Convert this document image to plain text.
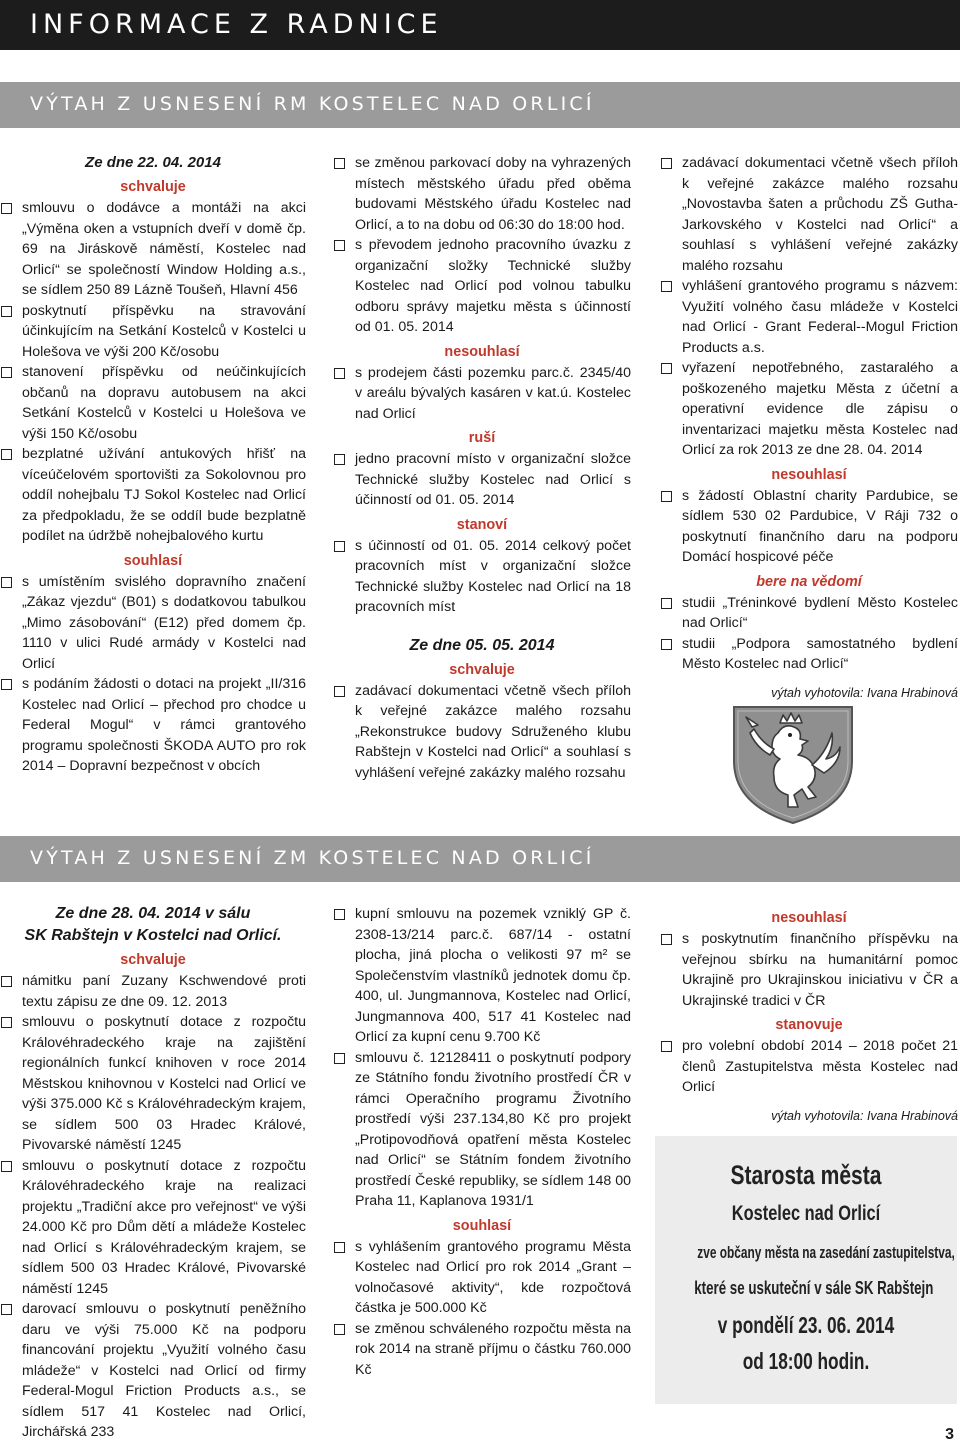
INFORMACE Z RADNICE
VÝTAH Z USNESENÍ RM KOSTELEC NAD ORLICÍ
Ze dne 22. 04. 2014
schvaluje
smlouvu o dodávce a montáži na akci „Výměna oken a vstupních dveří v domě čp. 69 na Jiráskově náměstí, Kostelec nad Orlicí“ se společností Window Holding a.s., se sídlem 250 89 Lázně Toušeň, Hlavní 456
poskytnutí příspěvku na stravování účinkujícím na Setkání Kostelců v Kostelci u Holešova ve výši 200 Kč/osobu
stanovení příspěvku od neúčinkujících občanů na dopravu autobusem na akci Setkání Kostelců v Kostelci u Holešova ve výši 150 Kč/osobu
bezplatné užívání antukových hřišť na víceúčelovém sportovišti za Sokolovnou pro oddíl nohejbalu TJ Sokol Kostelec nad Orlicí za předpokladu, že se oddíl bude bezplatně podílet na údržbě nohejbalového kurtu
souhlasí
s umístěním svislého dopravního značení „Zákaz vjezdu“ (B01) s dodatkovou tabulkou „Mimo zásobování“ (E12) před domem čp. 1110 v ulici Rudé armády v Kostelci nad Orlicí
s podáním žádosti o dotaci na projekt „II/316 Kostelec nad Orlicí – přechod pro chodce u Federal Mogul“ v rámci grantového programu společnosti ŠKODA AUTO pro rok 2014 – Dopravní bezpečnost v obcích
se změnou parkovací doby na vyhrazených místech městského úřadu před oběma budovami Městského úřadu Kostelec nad Orlicí, a to na dobu od 06:30 do 18:00 hod.
s převodem jednoho pracovního úvazku z organizační složky Technické služby Kostelec nad Orlicí pod volnou tabulku odboru správy majetku města s účinností od 01. 05. 2014
nesouhlasí
s prodejem části pozemku parc.č. 2345/40 v areálu bývalých kasáren v kat.ú. Kostelec nad Orlicí
ruší
jedno pracovní místo v organizační složce Technické služby Kostelec nad Orlicí s účinností od 01. 05. 2014
stanoví
s účinností od 01. 05. 2014 celkový počet pracovních míst v organizační složce Technické služby Kostelec nad Orlicí na 18 pracovních míst
Ze dne 05. 05. 2014
schvaluje
zadávací dokumentaci včetně všech příloh k veřejné zakázce malého rozsahu „Rekonstrukce budovy Sdruženého klubu Rabštejn v Kostelci nad Orlicí“ a souhlasí s vyhlášení veřejné zakázky malého rozsahu
zadávací dokumentaci včetně všech příloh k veřejné zakázce malého rozsahu „Novostavba šaten a průchodu ZŠ Gutha-Jarkovského v Kostelci nad Orlicí“ a souhlasí s vyhlášení veřejné zakázky malého rozsahu
vyhlášení grantového programu s názvem: Využití volného času mládeže v Kostelci nad Orlicí - Grant Federal--Mogul Friction Products a.s.
vyřazení nepotřebného, zastaralého a poškozeného majetku Města z účetní a operativní evidence dle zápisu o inventarizaci majetku města Kostelec nad Orlicí za rok 2013 ze dne 28. 04. 2014
nesouhlasí
s žádostí Oblastní charity Pardubice, se sídlem 530 02 Pardubice, V Ráji 732 o poskytnutí finančního daru na podporu Domácí hospicové péče
bere na vědomí
studii „Tréninkové bydlení Město Kostelec nad Orlicí“
studii „Podpora samostatného bydlení Město Kostelec nad Orlicí“
výtah vyhotovila: Ivana Hrabinová
VÝTAH Z USNESENÍ ZM KOSTELEC NAD ORLICÍ
Ze dne 28. 04. 2014 v sálu
SK Rabštejn v Kostelci nad Orlicí.
schvaluje
námitku paní Zuzany Kschwendové proti textu zápisu ze dne 09. 12. 2013
smlouvu o poskytnutí dotace z rozpočtu Královéhradeckého kraje na zajištění regionálních funkcí knihoven v roce 2014 Městskou knihovnou v Kostelci nad Orlicí ve výši 375.000 Kč s Královéhradeckým krajem, se sídlem 500 03 Hradec Králové, Pivovarské náměstí 1245
smlouvu o poskytnutí dotace z rozpočtu Královéhradeckého kraje na realizaci projektu „Tradiční akce pro veřejnost“ ve výši 24.000 Kč pro Dům dětí a mládeže Kostelec nad Orlicí s Královéhradeckým krajem, se sídlem 500 03 Hradec Králové, Pivovarské náměstí 1245
darovací smlouvu o poskytnutí peněžního daru ve výši 75.000 Kč na podporu financování projektu „Využití volného času mládeže“ v Kostelci nad Orlicí od firmy Federal-Mogul Friction Products a.s., se sídlem 517 41 Kostelec nad Orlicí, Jirchářská 233
kupní smlouvu na pozemek vzniklý GP č. 2308-13/214 parc.č. 687/14 - ostatní plocha, jiná plocha o velikosti 97 m² se Společenstvím vlastníků jednotek domu čp. 400, ul. Jungmannova, Kostelec nad Orlicí, Jungmannova 400, 517 41 Kostelec nad Orlicí za kupní cenu 9.700 Kč
smlouvu č. 12128411 o poskytnutí podpory ze Státního fondu životního prostředí ČR v rámci Operačního programu Životního prostředí výši 237.134,80 Kč pro projekt „Protipovodňová opatření města Kostelec nad Orlicí“ se Státním fondem životního prostředí České republiky, se sídlem 148 00 Praha 11, Kaplanova 1931/1
souhlasí
s vyhlášením grantového programu Města Kostelec nad Orlicí pro rok 2014 „Grant – volnočasové aktivity“, kde rozpočtová částka je 500.000 Kč
se změnou schváleného rozpočtu města na rok 2014 na straně příjmu o částku 760.000 Kč
nesouhlasí
s poskytnutím finančního příspěvku na veřejnou sbírku na humanitární pomoc Ukrajině pro Ukrajinskou iniciativu v ČR a Ukrajinské tradici v ČR
stanovuje
pro volební období 2014 – 2018 počet 21 členů Zastupitelstva města Kostelec nad Orlicí
výtah vyhotovila: Ivana Hrabinová
Starosta města
Kostelec nad Orlicí
zve občany města na zasedání zastupitelstva,
které se uskuteční v sále SK Rabštejn
v pondělí 23. 06. 2014
od 18:00 hodin.
3
